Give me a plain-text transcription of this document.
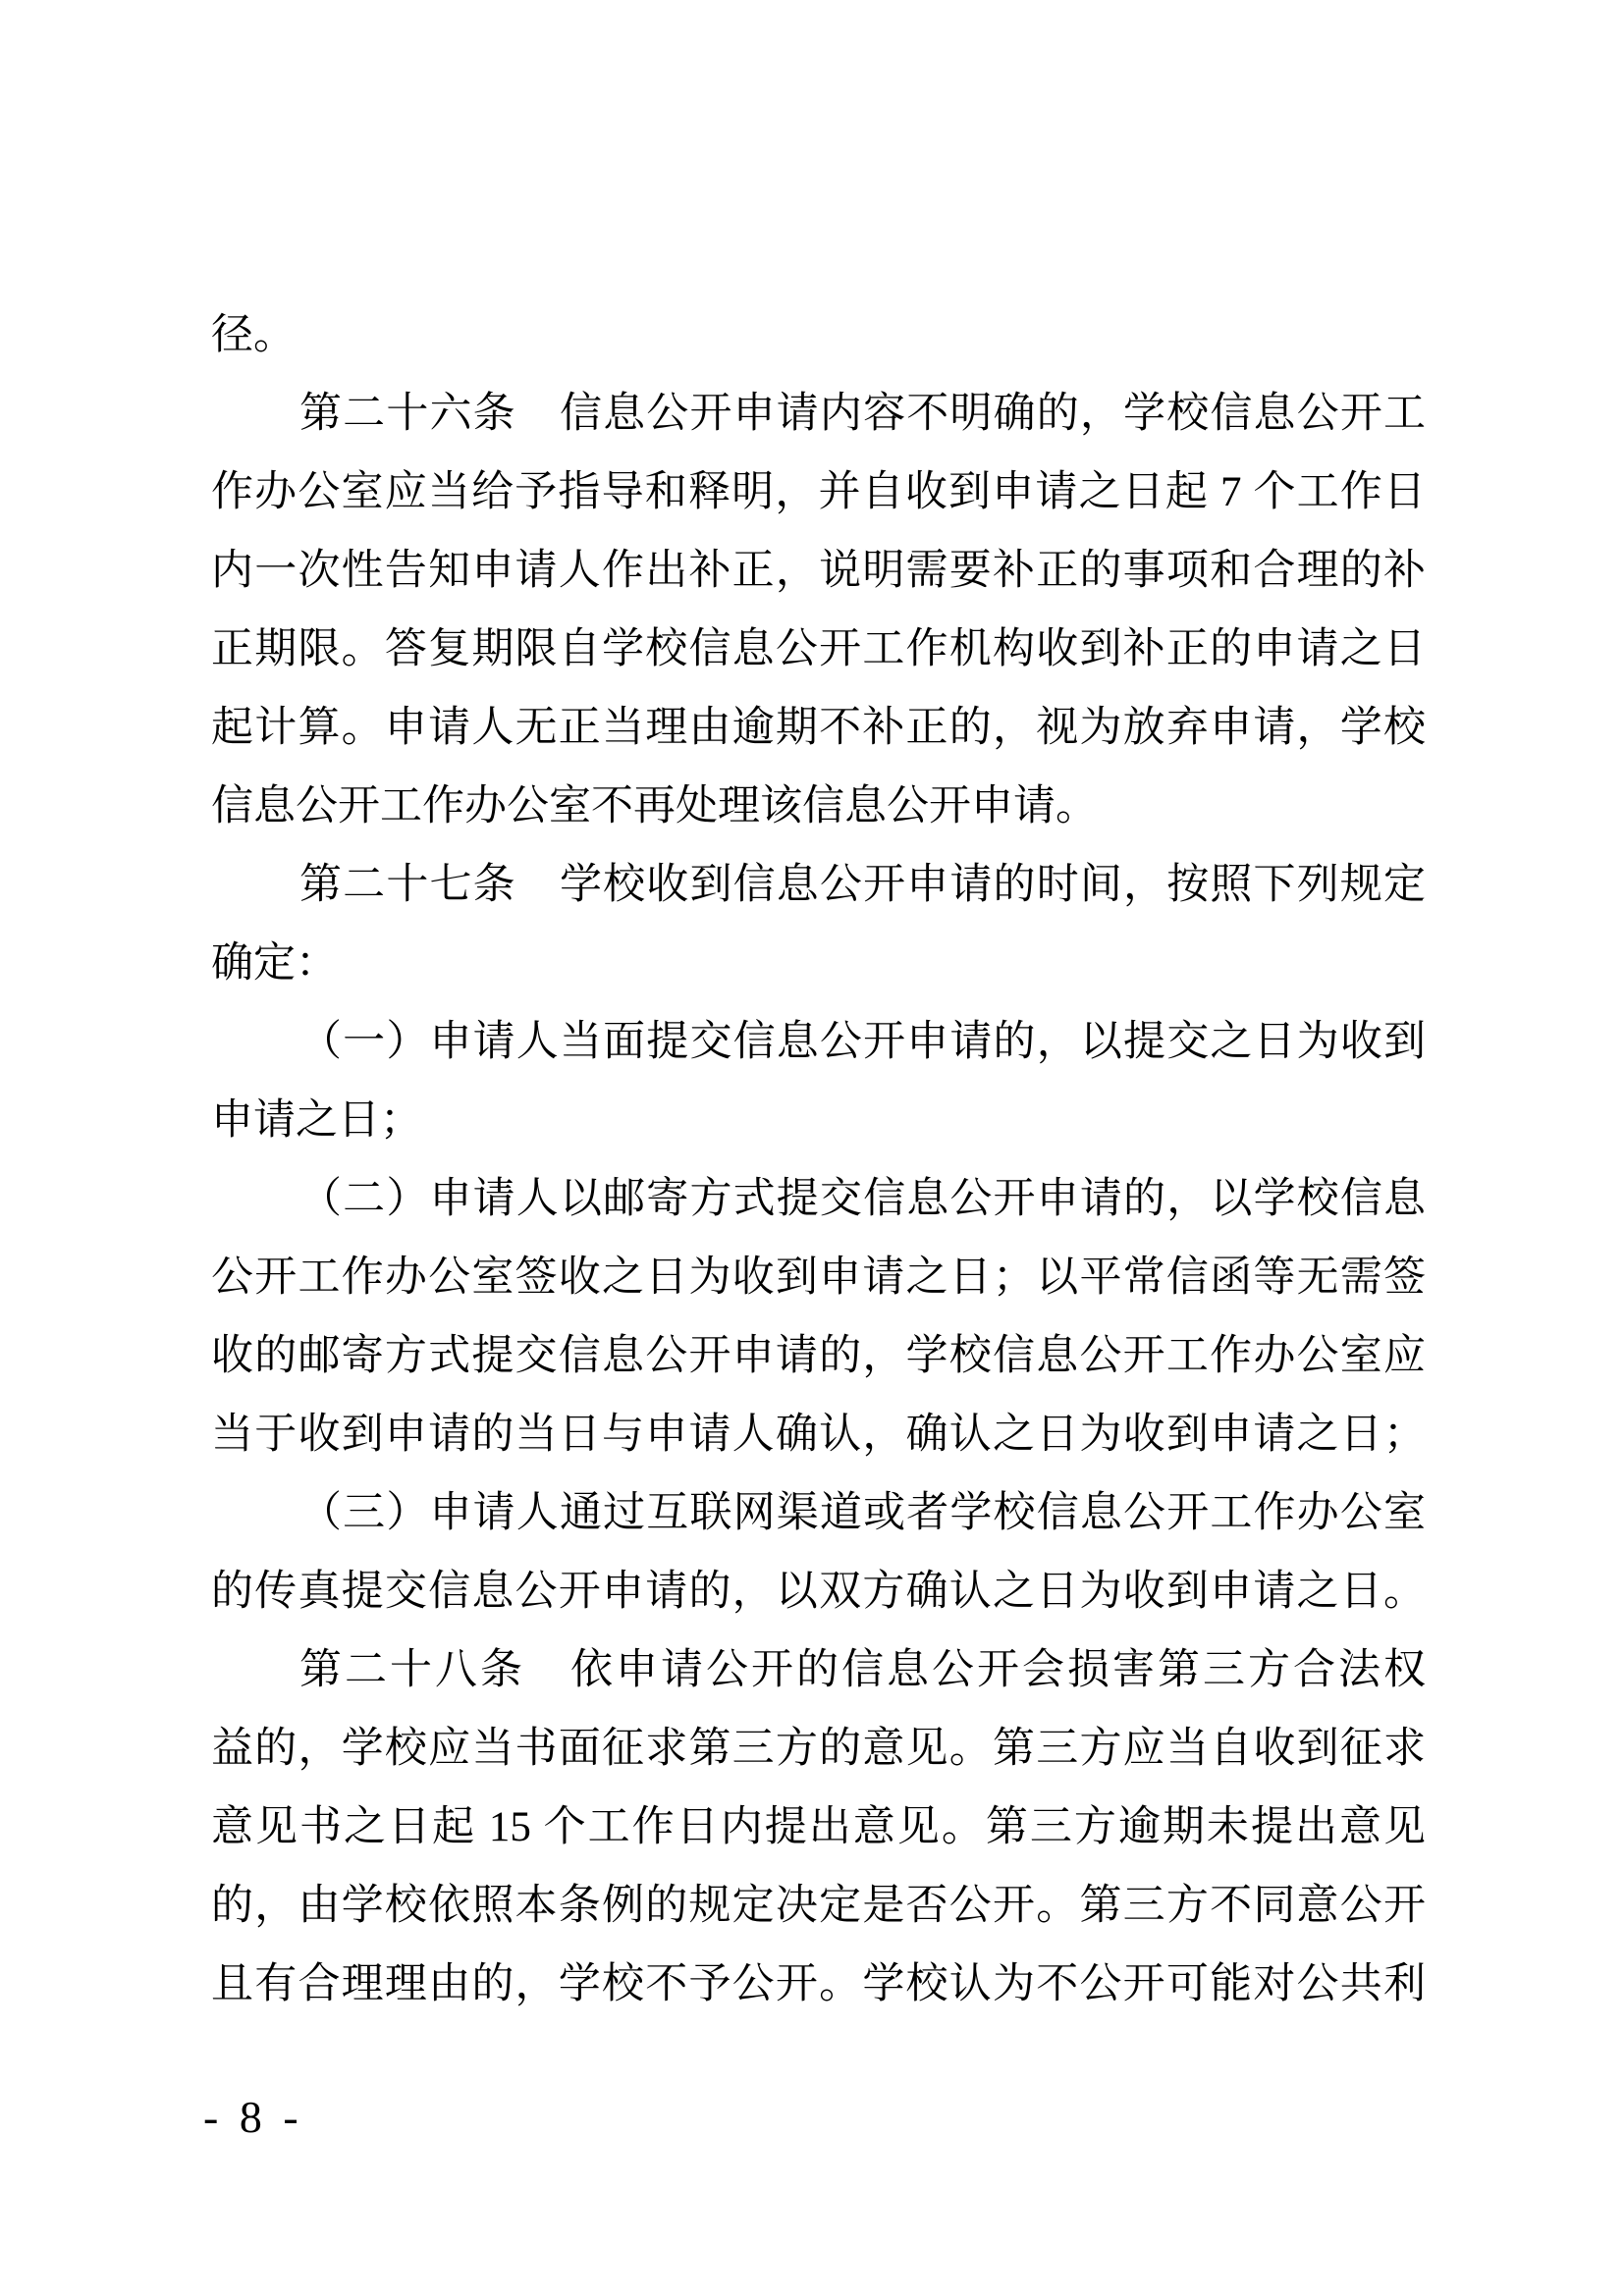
径。
第二十六条　信息公开申请内容不明确的，学校信息公开工
作办公室应当给予指导和释明，并自收到申请之日起 7 个工作日
内一次性告知申请人作出补正，说明需要补正的事项和合理的补
正期限。答复期限自学校信息公开工作机构收到补正的申请之日
起计算。申请人无正当理由逾期不补正的，视为放弃申请，学校
信息公开工作办公室不再处理该信息公开申请。
第二十七条　学校收到信息公开申请的时间，按照下列规定
确定：
（一）申请人当面提交信息公开申请的，以提交之日为收到
申请之日；
（二）申请人以邮寄方式提交信息公开申请的，以学校信息
公开工作办公室签收之日为收到申请之日；以平常信函等无需签
收的邮寄方式提交信息公开申请的，学校信息公开工作办公室应
当于收到申请的当日与申请人确认，确认之日为收到申请之日；
（三）申请人通过互联网渠道或者学校信息公开工作办公室
的传真提交信息公开申请的，以双方确认之日为收到申请之日。
第二十八条　依申请公开的信息公开会损害第三方合法权
益的，学校应当书面征求第三方的意见。第三方应当自收到征求
意见书之日起 15 个工作日内提出意见。第三方逾期未提出意见
的，由学校依照本条例的规定决定是否公开。第三方不同意公开
且有合理理由的，学校不予公开。学校认为不公开可能对公共利
- 8 -
